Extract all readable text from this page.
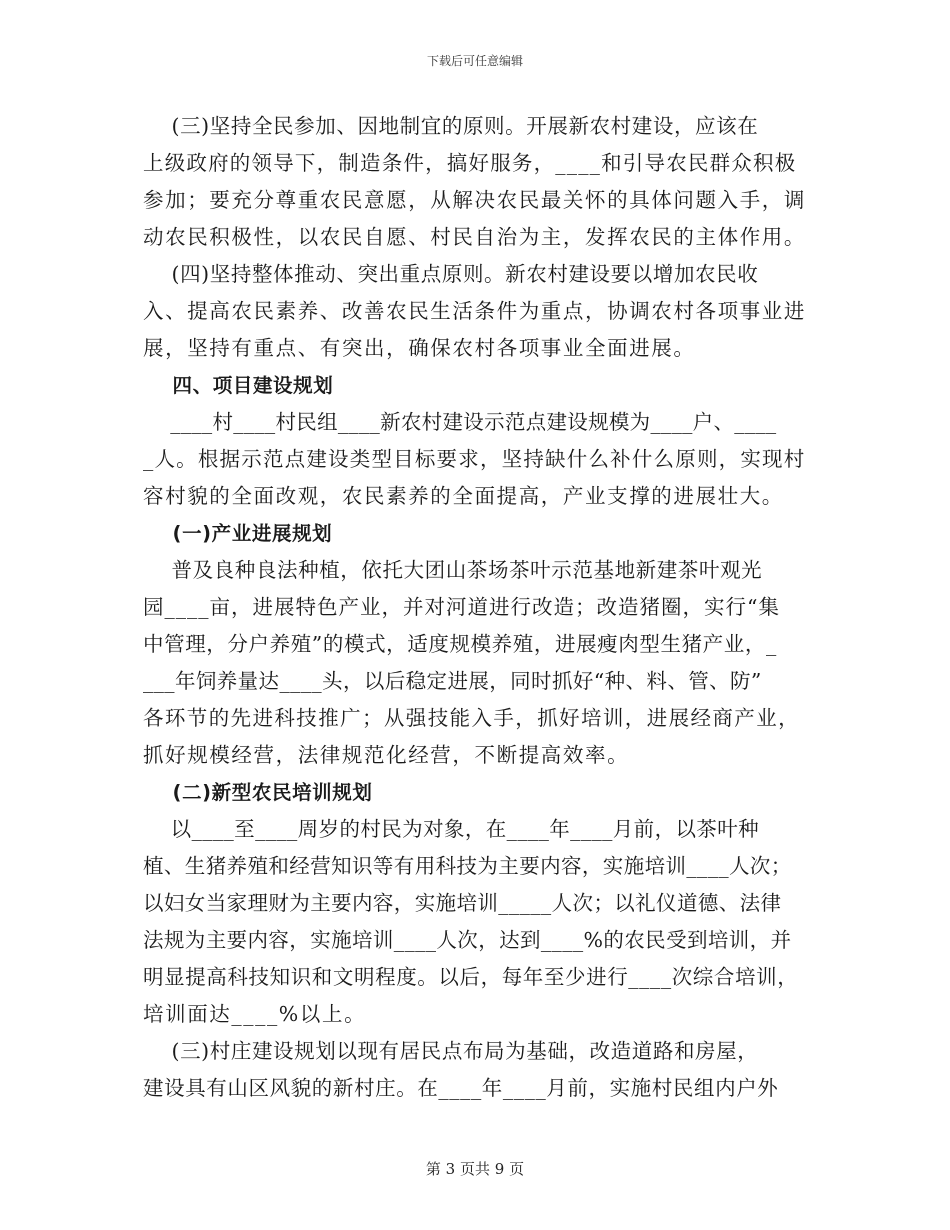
下载后可任意编辑
(三)坚持全民参加、因地制宜的原则。开展新农村建设，应该在
上级政府的领导下，制造条件，搞好服务，____和引导农民群众积极
参加；要充分尊重农民意愿，从解决农民最关怀的具体问题入手，调
动农民积极性，以农民自愿、村民自治为主，发挥农民的主体作用。
(四)坚持整体推动、突出重点原则。新农村建设要以增加农民收
入、提高农民素养、改善农民生活条件为重点，协调农村各项事业进
展，坚持有重点、有突出，确保农村各项事业全面进展。
四、项目建设规划
____村____村民组____新农村建设示范点建设规模为____户、____
_人。根据示范点建设类型目标要求，坚持缺什么补什么原则，实现村
容村貌的全面改观，农民素养的全面提高，产业支撑的进展壮大。
(一)产业进展规划
普及良种良法种植，依托大团山茶场茶叶示范基地新建茶叶观光
园____亩，进展特色产业，并对河道进行改造；改造猪圈，实行“集
中管理，分户养殖”的模式，适度规模养殖，进展瘦肉型生猪产业，_
___年饲养量达____头，以后稳定进展，同时抓好“种、料、管、防”
各环节的先进科技推广；从强技能入手，抓好培训，进展经商产业，
抓好规模经营，法律规范化经营，不断提高效率。
(二)新型农民培训规划
以____至____周岁的村民为对象，在____年____月前，以茶叶种
植、生猪养殖和经营知识等有用科技为主要内容，实施培训____人次；
以妇女当家理财为主要内容，实施培训_____人次；以礼仪道德、法律
法规为主要内容，实施培训____人次，达到____%的农民受到培训，并
明显提高科技知识和文明程度。以后，每年至少进行____次综合培训，
培训面达____%以上。
(三)村庄建设规划以现有居民点布局为基础，改造道路和房屋，
建设具有山区风貌的新村庄。在____年____月前，实施村民组内户外
第 3 页共 9 页
